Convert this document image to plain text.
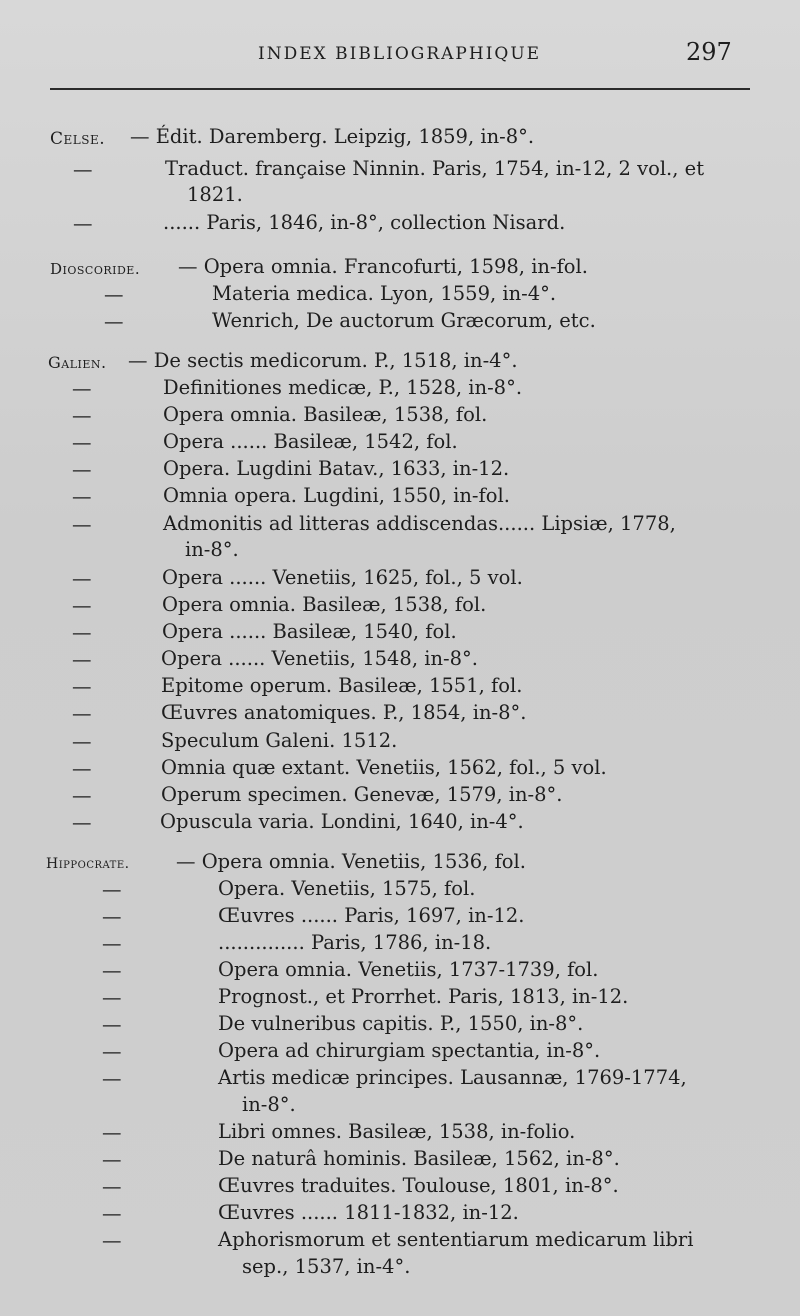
INDEX BIBLIOGRAPHIQUE	297
Celse. — Édit. Daremberg. Leipzig, 1859, in-8°.
—	Traduct. française Ninnin. Paris, 1754, in-12, 2 vol., et
1821.
—	...... Paris, 1846, in-8°, collection Nisard.
Dioscoride. — Opera omnia. Francofurti, 1598, in-fol.
—	Materia medica. Lyon, 1559, in-4°.
—	Wenrich, De auctorum Græcorum, etc.
Galien. — De sectis medicorum. P., 1518, in-4°.
—	Definitiones medicæ, P., 1528, in-8°.
—	Opera omnia. Basileæ, 1538, fol.
—	Opera ...... Basileæ, 1542, fol.
—	Opera. Lugdini Batav., 1633, in-12.
—	Omnia opera. Lugdini, 1550, in-fol.
—	Admonitis ad litteras addiscendas...... Lipsiæ, 1778,
in-8°.
—	Opera ...... Venetiis, 1625, fol., 5 vol.
—	Opera omnia. Basileæ, 1538, fol.
—	Opera ...... Basileæ, 1540, fol.
—	Opera ...... Venetiis, 1548, in-8°.
—	Epitome operum. Basileæ, 1551, fol.
—	Œuvres anatomiques. P., 1854, in-8°.
—	Speculum Galeni. 1512.
—	Omnia quæ extant. Venetiis, 1562, fol., 5 vol.
—	Operum specimen. Genevæ, 1579, in-8°.
—	Opuscula varia. Londini, 1640, in-4°.
Hippocrate. — Opera omnia. Venetiis, 1536, fol.
—	Opera. Venetiis, 1575, fol.
—	Œuvres ...... Paris, 1697, in-12.
—	.............. Paris, 1786, in-18.
—	Opera omnia. Venetiis, 1737-1739, fol.
—	Prognost., et Prorrhet. Paris, 1813, in-12.
—	De vulneribus capitis. P., 1550, in-8°.
—	Opera ad chirurgiam spectantia, in-8°.
—	Artis medicæ principes. Lausannæ, 1769-1774,
in-8°.
—	Libri omnes. Basileæ, 1538, in-folio.
—	De naturâ hominis. Basileæ, 1562, in-8°.
—	Œuvres traduites. Toulouse, 1801, in-8°.
—	Œuvres ...... 1811-1832, in-12.
—	Aphorismorum et sententiarum medicarum libri
sep., 1537, in-4°.
